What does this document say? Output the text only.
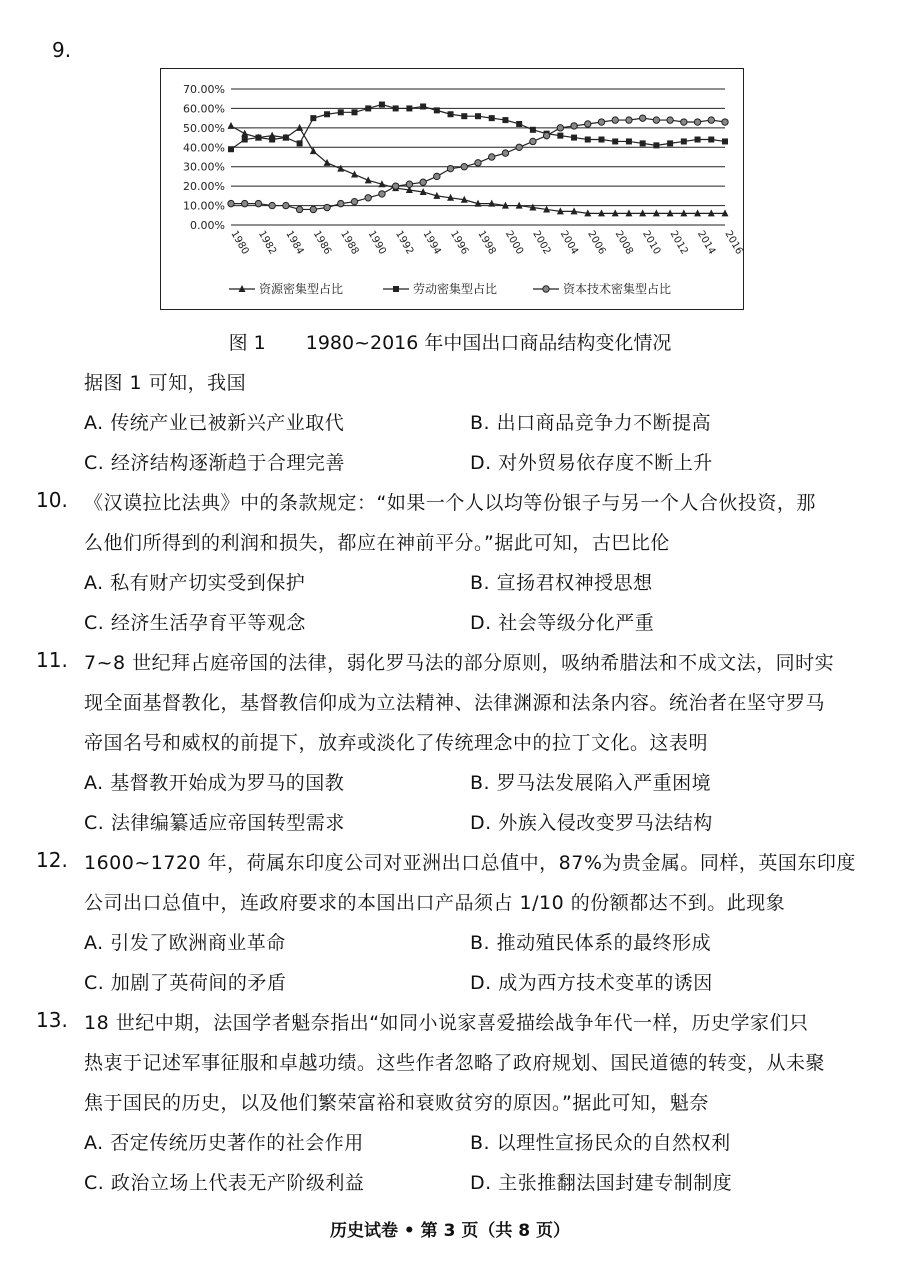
9.
0.00%
10.00%
20.00%
30.00%
40.00%
50.00%
60.00%
70.00%
1980 1982 1984 1986 1988 1990 1992 1994 1996 1998 2000 2002 2004 2006 2008 2010 2012 2014 2016
资源密集型占比	劳动密集型占比	资本技术密集型占比
图 1 1980~2016 年中国出口商品结构变化情况
据图 1 可知，我国
A. 传统产业已被新兴产业取代	B. 出口商品竞争力不断提高
C. 经济结构逐渐趋于合理完善	D. 对外贸易依存度不断上升
10. 《汉谟拉比法典》中的条款规定：“如果一个人以均等份银子与另一个人合伙投资，那
么他们所得到的利润和损失，都应在神前平分。”据此可知，古巴比伦
A. 私有财产切实受到保护	B. 宣扬君权神授思想
C. 经济生活孕育平等观念	D. 社会等级分化严重
11. 7~8 世纪拜占庭帝国的法律，弱化罗马法的部分原则，吸纳希腊法和不成文法，同时实
现全面基督教化，基督教信仰成为立法精神、法律渊源和法条内容。统治者在坚守罗马
帝国名号和威权的前提下，放弃或淡化了传统理念中的拉丁文化。这表明
A. 基督教开始成为罗马的国教	B. 罗马法发展陷入严重困境
C. 法律编纂适应帝国转型需求	D. 外族入侵改变罗马法结构
12. 1600~1720 年，荷属东印度公司对亚洲出口总值中，87%为贵金属。同样，英国东印度
公司出口总值中，连政府要求的本国出口产品须占 1/10 的份额都达不到。此现象
A. 引发了欧洲商业革命	B. 推动殖民体系的最终形成
C. 加剧了英荷间的矛盾	D. 成为西方技术变革的诱因
13. 18 世纪中期，法国学者魁奈指出“如同小说家喜爱描绘战争年代一样，历史学家们只
热衷于记述军事征服和卓越功绩。这些作者忽略了政府规划、国民道德的转变，从未聚
焦于国民的历史，以及他们繁荣富裕和衰败贫穷的原因。”据此可知，魁奈
A. 否定传统历史著作的社会作用	B. 以理性宣扬民众的自然权利
C. 政治立场上代表无产阶级利益	D. 主张推翻法国封建专制制度
历史试卷 • 第 3 页（共 8 页）
